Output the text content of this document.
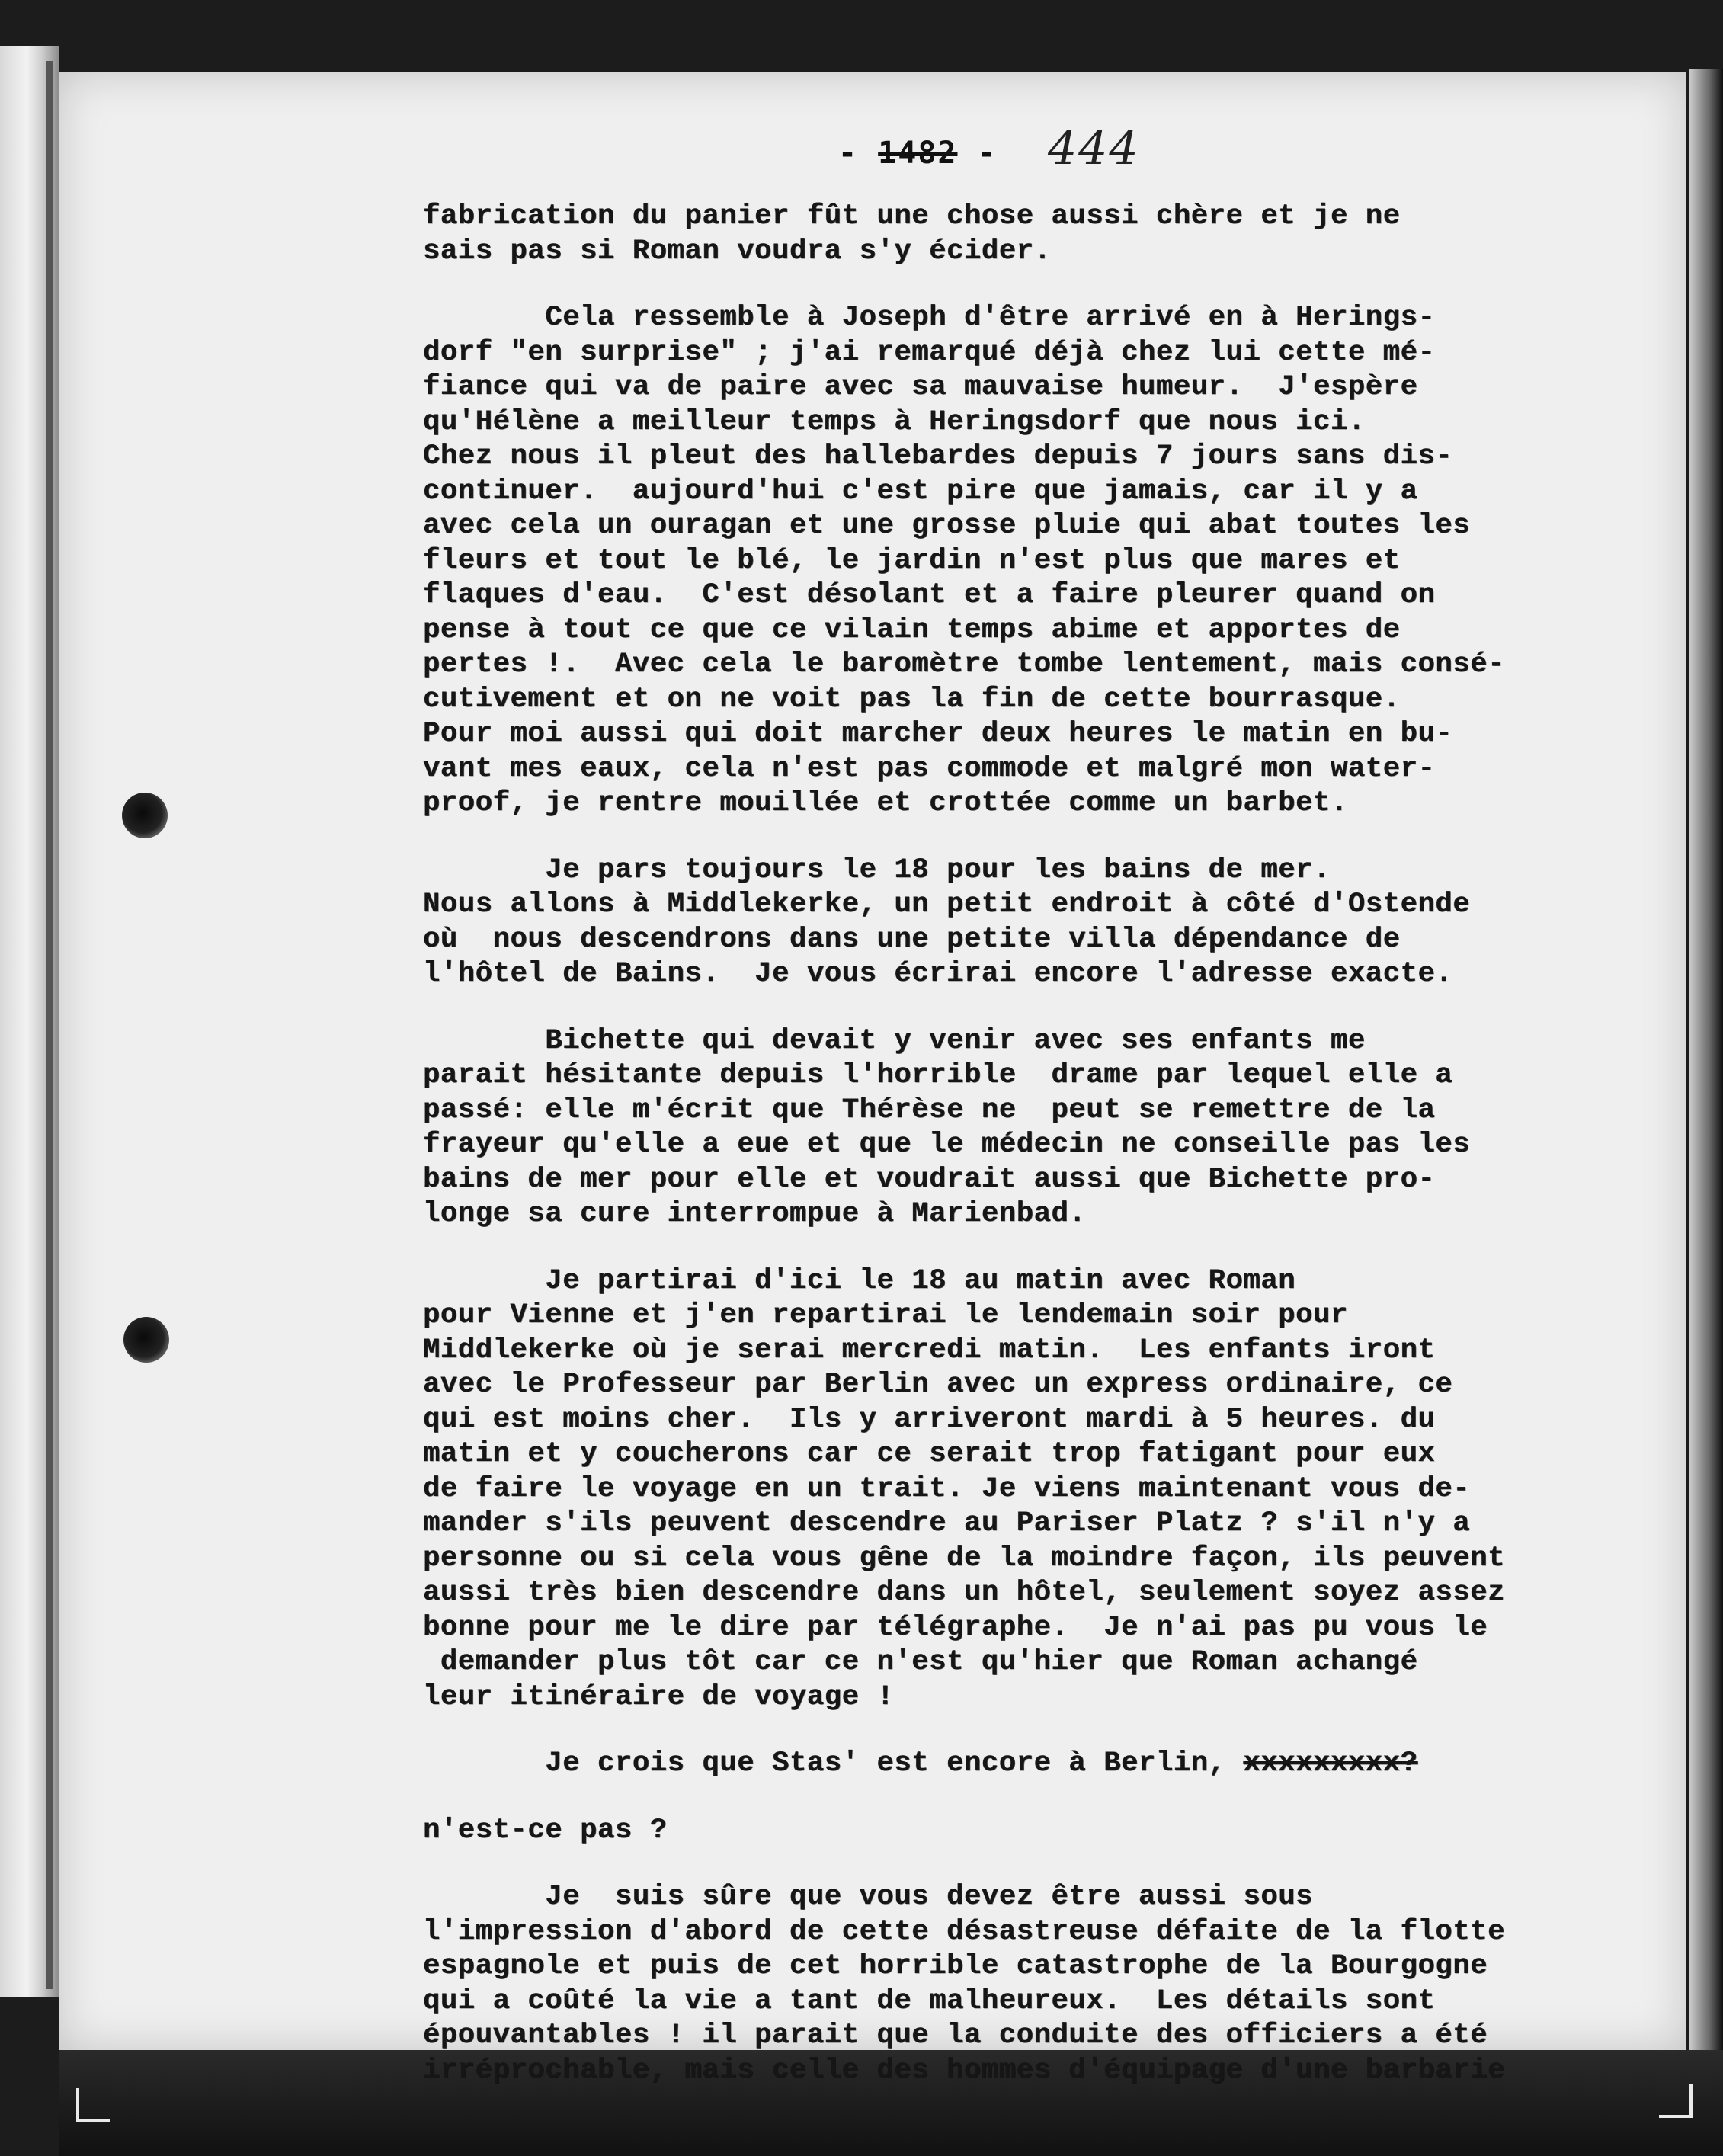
- 1482 - 444
fabrication du panier fût une chose aussi chère et je ne
sais pas si Roman voudra s'y écider.
Cela ressemble à Joseph d'être arrivé en à Herings-
dorf "en surprise" ; j'ai remarqué déjà chez lui cette mé-
fiance qui va de paire avec sa mauvaise humeur.  J'espère
qu'Hélène a meilleur temps à Heringsdorf que nous ici.
Chez nous il pleut des hallebardes depuis 7 jours sans dis-
continuer.  aujourd'hui c'est pire que jamais, car il y a
avec cela un ouragan et une grosse pluie qui abat toutes les
fleurs et tout le blé, le jardin n'est plus que mares et
flaques d'eau.  C'est désolant et a faire pleurer quand on
pense à tout ce que ce vilain temps abime et apportes de
pertes !.  Avec cela le baromètre tombe lentement, mais consé-
cutivement et on ne voit pas la fin de cette bourrasque.
Pour moi aussi qui doit marcher deux heures le matin en bu-
vant mes eaux, cela n'est pas commode et malgré mon water-
proof, je rentre mouillée et crottée comme un barbet.
Je pars toujours le 18 pour les bains de mer.
Nous allons à Middlekerke, un petit endroit à côté d'Ostende
où  nous descendrons dans une petite villa dépendance de
l'hôtel de Bains.  Je vous écrirai encore l'adresse exacte.
Bichette qui devait y venir avec ses enfants me
parait hésitante depuis l'horrible  drame par lequel elle a
passé: elle m'écrit que Thérèse ne  peut se remettre de la
frayeur qu'elle a eue et que le médecin ne conseille pas les
bains de mer pour elle et voudrait aussi que Bichette pro-
longe sa cure interrompue à Marienbad.
Je partirai d'ici le 18 au matin avec Roman
pour Vienne et j'en repartirai le lendemain soir pour
Middlekerke où je serai mercredi matin.  Les enfants iront
avec le Professeur par Berlin avec un express ordinaire, ce
qui est moins cher.  Ils y arriveront mardi à 5 heures. du
matin et y coucherons car ce serait trop fatigant pour eux
de faire le voyage en un trait. Je viens maintenant vous de-
mander s'ils peuvent descendre au Pariser Platz ? s'il n'y a
personne ou si cela vous gêne de la moindre façon, ils peuvent
aussi très bien descendre dans un hôtel, seulement soyez assez
bonne pour me le dire par télégraphe.  Je n'ai pas pu vous le
demander plus tôt car ce n'est qu'hier que Roman achangé
leur itinéraire de voyage !
Je crois que Stas' est encore à Berlin, xxxxxxxxx?
n'est-ce pas ?
Je  suis sûre que vous devez être aussi sous
l'impression d'abord de cette désastreuse défaite de la flotte
espagnole et puis de cet horrible catastrophe de la Bourgogne
qui a coûté la vie a tant de malheureux.  Les détails sont
épouvantables ! il parait que la conduite des officiers a été
irréprochable, mais celle des hommes d'équipage d'une barbarie
